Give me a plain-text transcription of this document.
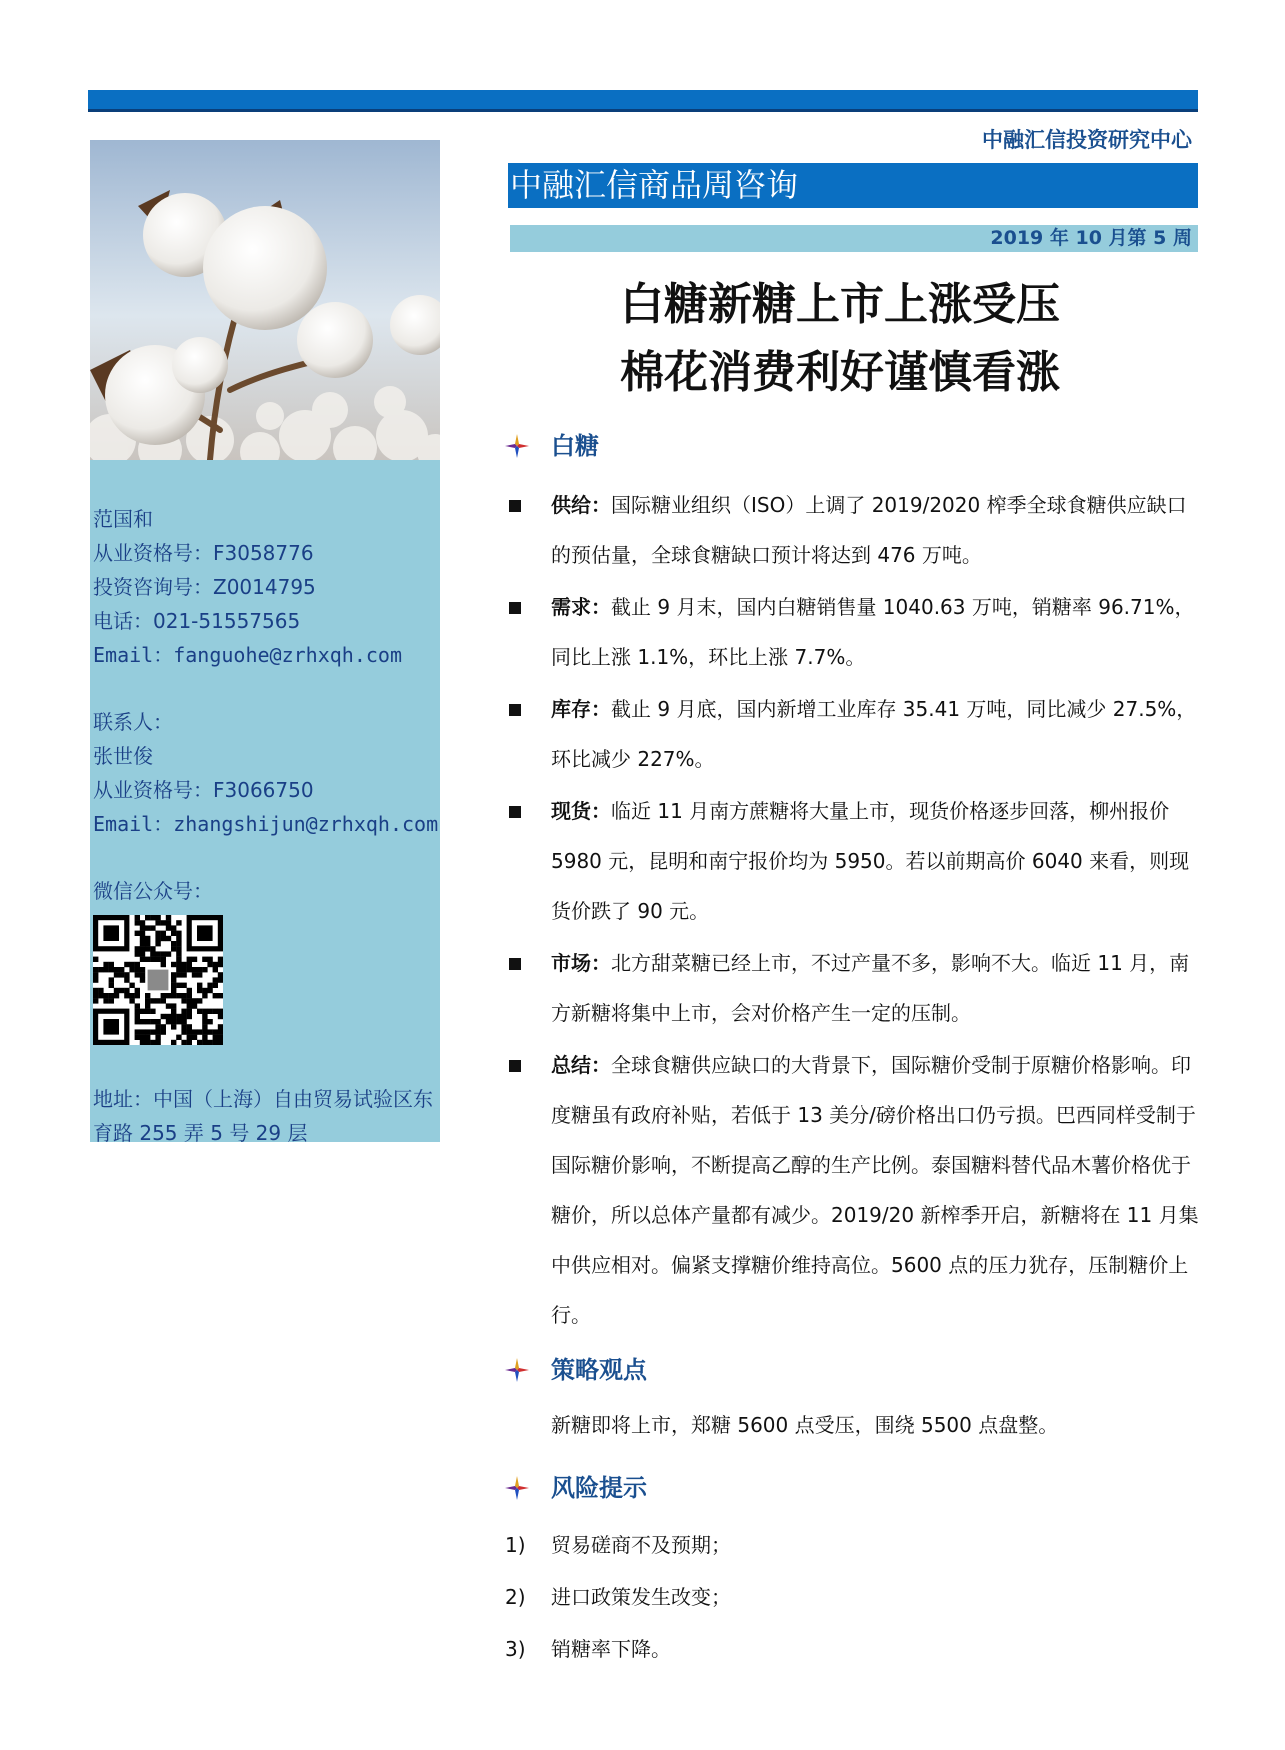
中融汇信投资研究中心
范国和
从业资格号：F3058776
投资咨询号：Z0014795
电话：021-51557565
Email：fanguohe@zrhxqh.com
联系人：
张世俊
从业资格号：F3066750
Email：zhangshijun@zrhxqh.com
微信公众号：
地址：中国（上海）自由贸易试验区东育路 255 弄 5 号 29 层
中融汇信商品周咨询
2019 年 10 月第 5 周
白糖新糖上市上涨受压
棉花消费利好谨慎看涨
白糖
供给：国际糖业组织（ISO）上调了 2019/2020 榨季全球食糖供应缺口的预估量，全球食糖缺口预计将达到 476 万吨。
需求：截止 9 月末，国内白糖销售量 1040.63 万吨，销糖率 96.71%，同比上涨 1.1%，环比上涨 7.7%。
库存：截止 9 月底，国内新增工业库存 35.41 万吨，同比减少 27.5%，环比减少 227%。
现货：临近 11 月南方蔗糖将大量上市，现货价格逐步回落，柳州报价 5980 元，昆明和南宁报价均为 5950。若以前期高价 6040 来看，则现货价跌了 90 元。
市场：北方甜菜糖已经上市，不过产量不多，影响不大。临近 11 月，南方新糖将集中上市，会对价格产生一定的压制。
总结：全球食糖供应缺口的大背景下，国际糖价受制于原糖价格影响。印度糖虽有政府补贴，若低于 13 美分/磅价格出口仍亏损。巴西同样受制于国际糖价影响，不断提高乙醇的生产比例。泰国糖料替代品木薯价格优于糖价，所以总体产量都有减少。2019/20 新榨季开启，新糖将在 11 月集中供应相对。偏紧支撑糖价维持高位。5600 点的压力犹存，压制糖价上行。
策略观点
新糖即将上市，郑糖 5600 点受压，围绕 5500 点盘整。
风险提示
1) 贸易磋商不及预期；
2) 进口政策发生改变；
3) 销糖率下降。
